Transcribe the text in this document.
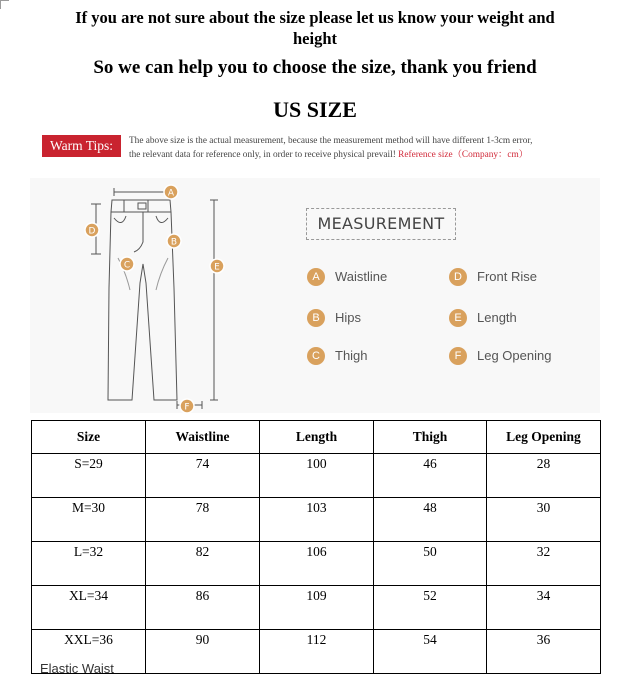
If you are not sure about the size please let us know your weight and
height
So we can help you to choose the size, thank you friend
US SIZE
Warm Tips:	The above size is the actual measurement, because the measurement method will have different 1-3cm error,
the relevant data for reference only, in order to receive physical prevail! Reference size（Company：cm）
A
B
C
D
E
F
MEASUREMENT
A	Waistline
B	Hips
C	Thigh
D	Front Rise
E	Length
F	Leg Opening
Size	Waistline	Length	Thigh	Leg Opening
S=29	74	100	46	28
M=30	78	103	48	30
L=32	82	106	50	32
XL=34	86	109	52	34
XXL=36	90	112	54	36
Elastic Waist
